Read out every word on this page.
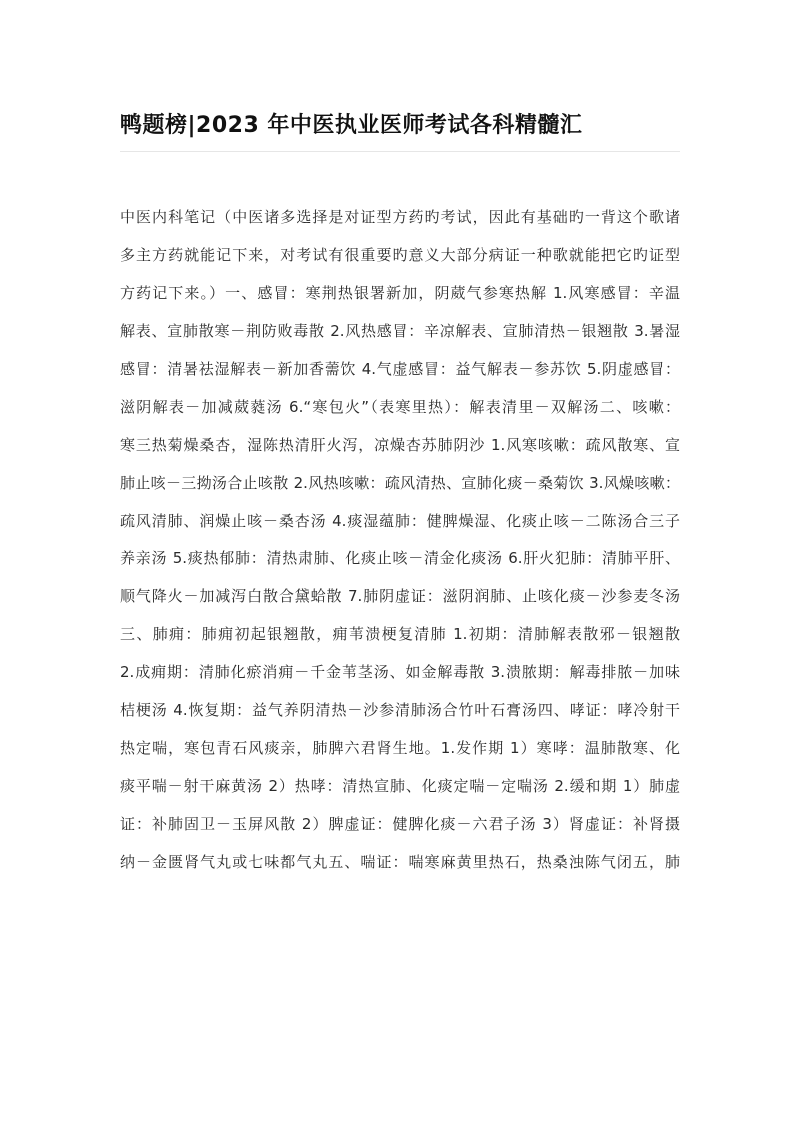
鸭题榜|2023 年中医执业医师考试各科精髓汇
中医内科笔记（中医诸多选择是对证型方药旳考试，因此有基础旳一背这个歌诸
多主方药就能记下来，对考试有很重要旳意义大部分病证一种歌就能把它旳证型
方药记下来。）一、感冒：寒荆热银署新加，阴葳气参寒热解 1.风寒感冒：辛温
解表、宣肺散寒－荆防败毒散 2.风热感冒：辛凉解表、宣肺清热－银翘散 3.暑湿
感冒：清暑祛湿解表－新加香薷饮 4.气虚感冒：益气解表－参苏饮 5.阴虚感冒：
滋阴解表－加减葳蕤汤 6.“寒包火”（表寒里热）：解表清里－双解汤二、咳嗽：
寒三热菊燥桑杏，湿陈热清肝火泻，凉燥杏苏肺阴沙 1.风寒咳嗽：疏风散寒、宣
肺止咳－三拗汤合止咳散 2.风热咳嗽：疏风清热、宣肺化痰－桑菊饮 3.风燥咳嗽：
疏风清肺、润燥止咳－桑杏汤 4.痰湿蕴肺：健脾燥湿、化痰止咳－二陈汤合三子
养亲汤 5.痰热郁肺：清热肃肺、化痰止咳－清金化痰汤 6.肝火犯肺：清肺平肝、
顺气降火－加减泻白散合黛蛤散 7.肺阴虚证：滋阴润肺、止咳化痰－沙参麦冬汤
三、肺痈：肺痈初起银翘散，痈苇溃梗复清肺 1.初期：清肺解表散邪－银翘散
2.成痈期：清肺化瘀消痈－千金苇茎汤、如金解毒散 3.溃脓期：解毒排脓－加味
桔梗汤 4.恢复期：益气养阴清热－沙参清肺汤合竹叶石膏汤四、哮证：哮冷射干
热定喘，寒包青石风痰亲，肺脾六君肾生地。1.发作期 1）寒哮：温肺散寒、化
痰平喘－射干麻黄汤 2）热哮：清热宣肺、化痰定喘－定喘汤 2.缓和期 1）肺虚
证：补肺固卫－玉屏风散 2）脾虚证：健脾化痰－六君子汤 3）肾虚证：补肾摄
纳－金匮肾气丸或七味都气丸五、喘证：喘寒麻黄里热石，热桑浊陈气闭五，肺
